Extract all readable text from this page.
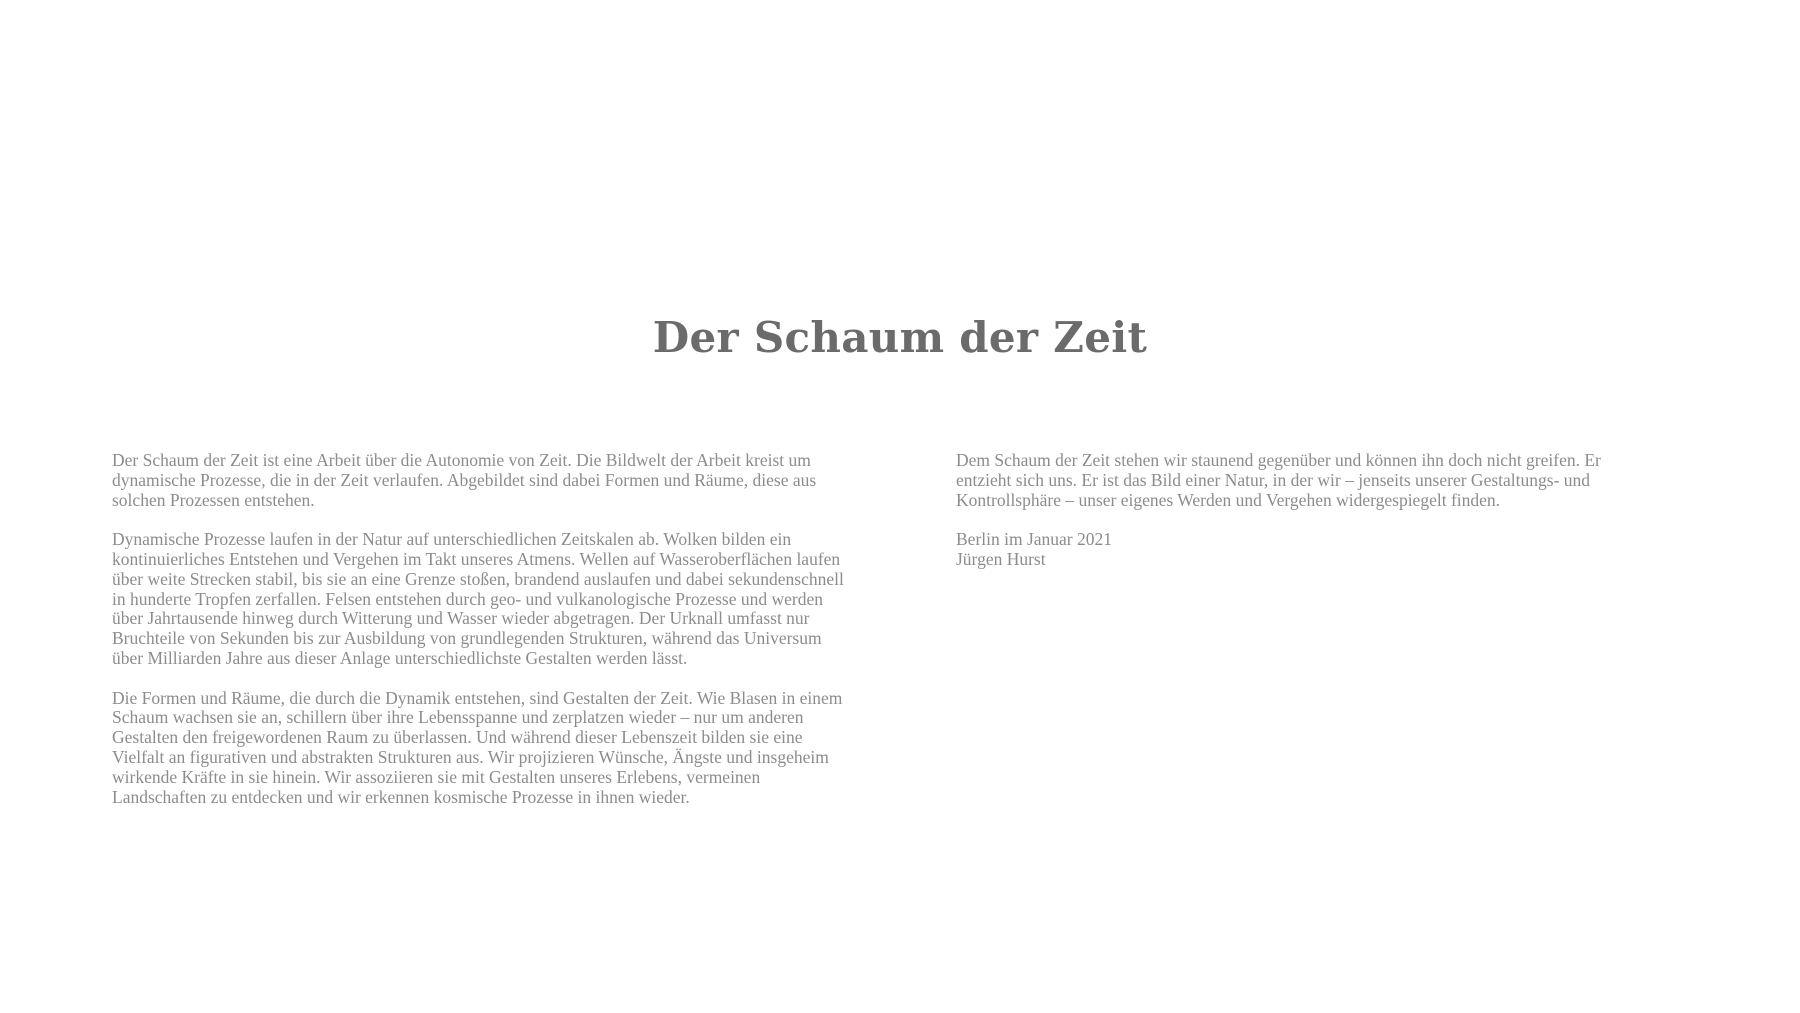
Der Schaum der Zeit

Der Schaum der Zeit ist eine Arbeit über die Autonomie von Zeit. Die Bildwelt der Arbeit kreist um dynamische Prozesse, die in der Zeit verlaufen. Abgebildet sind dabei Formen und Räume, diese aus solchen Prozessen entstehen.

Dynamische Prozesse laufen in der Natur auf unterschiedlichen Zeitskalen ab. Wolken bilden ein kontinuierliches Entstehen und Vergehen im Takt unseres Atmens. Wellen auf Wasseroberflächen laufen über weite Strecken stabil, bis sie an eine Grenze stoßen, brandend auslaufen und dabei sekundenschnell in hunderte Tropfen zerfallen. Felsen entstehen durch geo- und vulkanologische Prozesse und werden über Jahrtausende hinweg durch Witterung und Wasser wieder abgetragen. Der Urknall umfasst nur Bruchteile von Sekunden bis zur Ausbildung von grundlegenden Strukturen, während das Universum über Milliarden Jahre aus dieser Anlage unterschiedlichste Gestalten werden lässt.

Die Formen und Räume, die durch die Dynamik entstehen, sind Gestalten der Zeit. Wie Blasen in einem Schaum wachsen sie an, schillern über ihre Lebensspanne und zerplatzen wieder – nur um anderen Gestalten den freigewordenen Raum zu überlassen. Und während dieser Lebenszeit bilden sie eine Vielfalt an figurativen und abstrakten Strukturen aus. Wir projizieren Wünsche, Ängste und insgeheim wirkende Kräfte in sie hinein. Wir assoziieren sie mit Gestalten unseres Erlebens, vermeinen Landschaften zu entdecken und wir erkennen kosmische Prozesse in ihnen wieder.

Dem Schaum der Zeit stehen wir staunend gegenüber und können ihn doch nicht greifen. Er entzieht sich uns. Er ist das Bild einer Natur, in der wir – jenseits unserer Gestaltungs- und Kontrollsphäre – unser eigenes Werden und Vergehen widergespiegelt finden.

Berlin im Januar 2021
Jürgen Hurst
